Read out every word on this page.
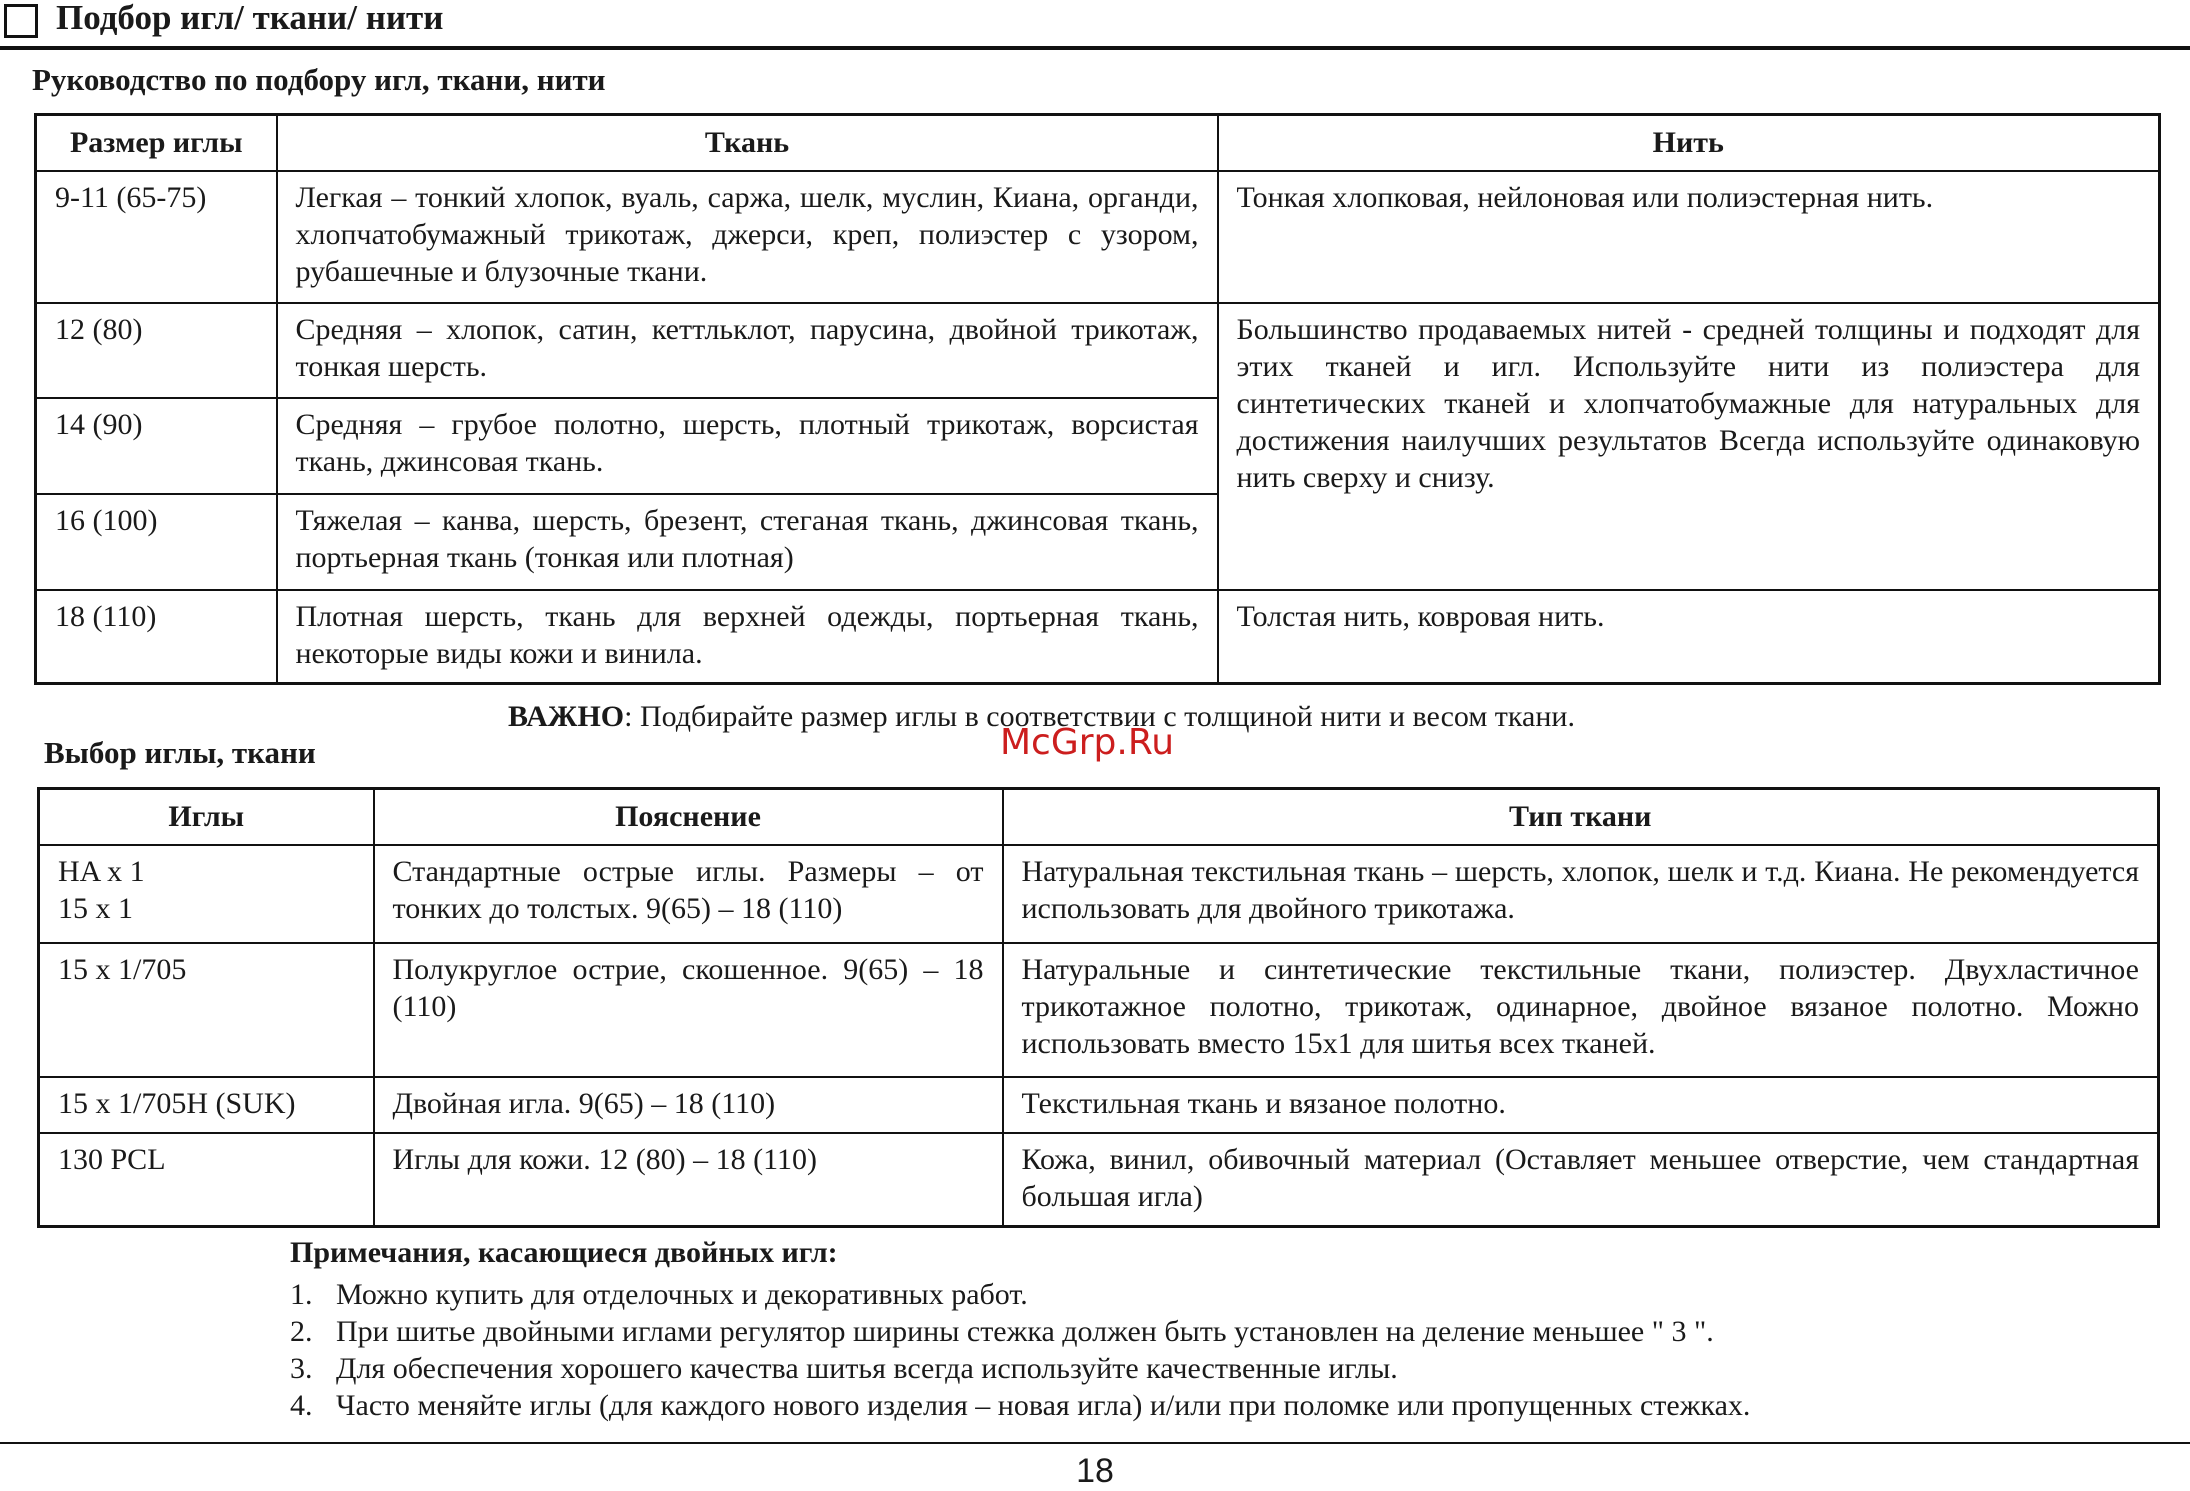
Подбор игл/ ткани/ нити
Руководство по подбору игл, ткани, нити
Размер иглы	Ткань	Нить
9-11 (65-75)	Легкая – тонкий хлопок, вуаль, саржа, шелк, муслин, Киана, органди, хлопчатобумажный трикотаж, джерси, креп, полиэстер с узором, рубашечные и блузочные ткани.	Тонкая хлопковая, нейлоновая или полиэстерная нить.
12 (80)	Средняя – хлопок, сатин, кеттльклот, парусина, двойной трикотаж, тонкая шерсть.	Большинство продаваемых нитей - средней толщины и подходят для этих тканей и игл. Используйте нити из полиэстера для синтетических тканей и хлопчатобумажные для натуральных для достижения наилучших результатов Всегда используйте одинаковую нить сверху и снизу.
14 (90)	Средняя – грубое полотно, шерсть, плотный трикотаж, ворсистая ткань, джинсовая ткань.	
16 (100)	Тяжелая – канва, шерсть, брезент, стеганая ткань, джинсовая ткань, портьерная ткань (тонкая или плотная)	
18 (110)	Плотная шерсть, ткань для верхней одежды, портьерная ткань, некоторые виды кожи и винила.	Толстая нить, ковровая нить.
ВАЖНО: Подбирайте размер иглы в соответствии с толщиной нити и весом ткани.
McGrp.Ru
Выбор иглы, ткани
Иглы	Пояснение	Тип ткани

HA x 1
15 x 1	Стандартные острые иглы. Размеры – от тонких до толстых. 9(65) – 18 (110)	Натуральная текстильная ткань – шерсть, хлопок, шелк и т.д. Киана. Не рекомендуется использовать для двойного трикотажа.
15 x 1/705	Полукруглое острие, скошенное. 9(65) – 18 (110)	Натуральные и синтетические текстильные ткани, полиэстер. Двухластичное трикотажное полотно, трикотаж, одинарное, двойное вязаное полотно. Можно использовать вместо 15x1 для шитья всех тканей.
15 x 1/705H (SUK)	Двойная игла. 9(65) – 18 (110)	Текстильная ткань и вязаное полотно.
130 PCL	Иглы для кожи. 12 (80) – 18 (110)	Кожа, винил, обивочный материал (Оставляет меньшее отверстие, чем стандартная большая игла)
Примечания, касающиеся двойных игл:
1. Можно купить для отделочных и декоративных работ.
2. При шитье двойными иглами регулятор ширины стежка должен быть установлен на деление меньшее " 3 ".
3. Для обеспечения хорошего качества шитья всегда используйте качественные иглы.
4. Часто меняйте иглы (для каждого нового изделия – новая игла) и/или при поломке или пропущенных стежках.
18
